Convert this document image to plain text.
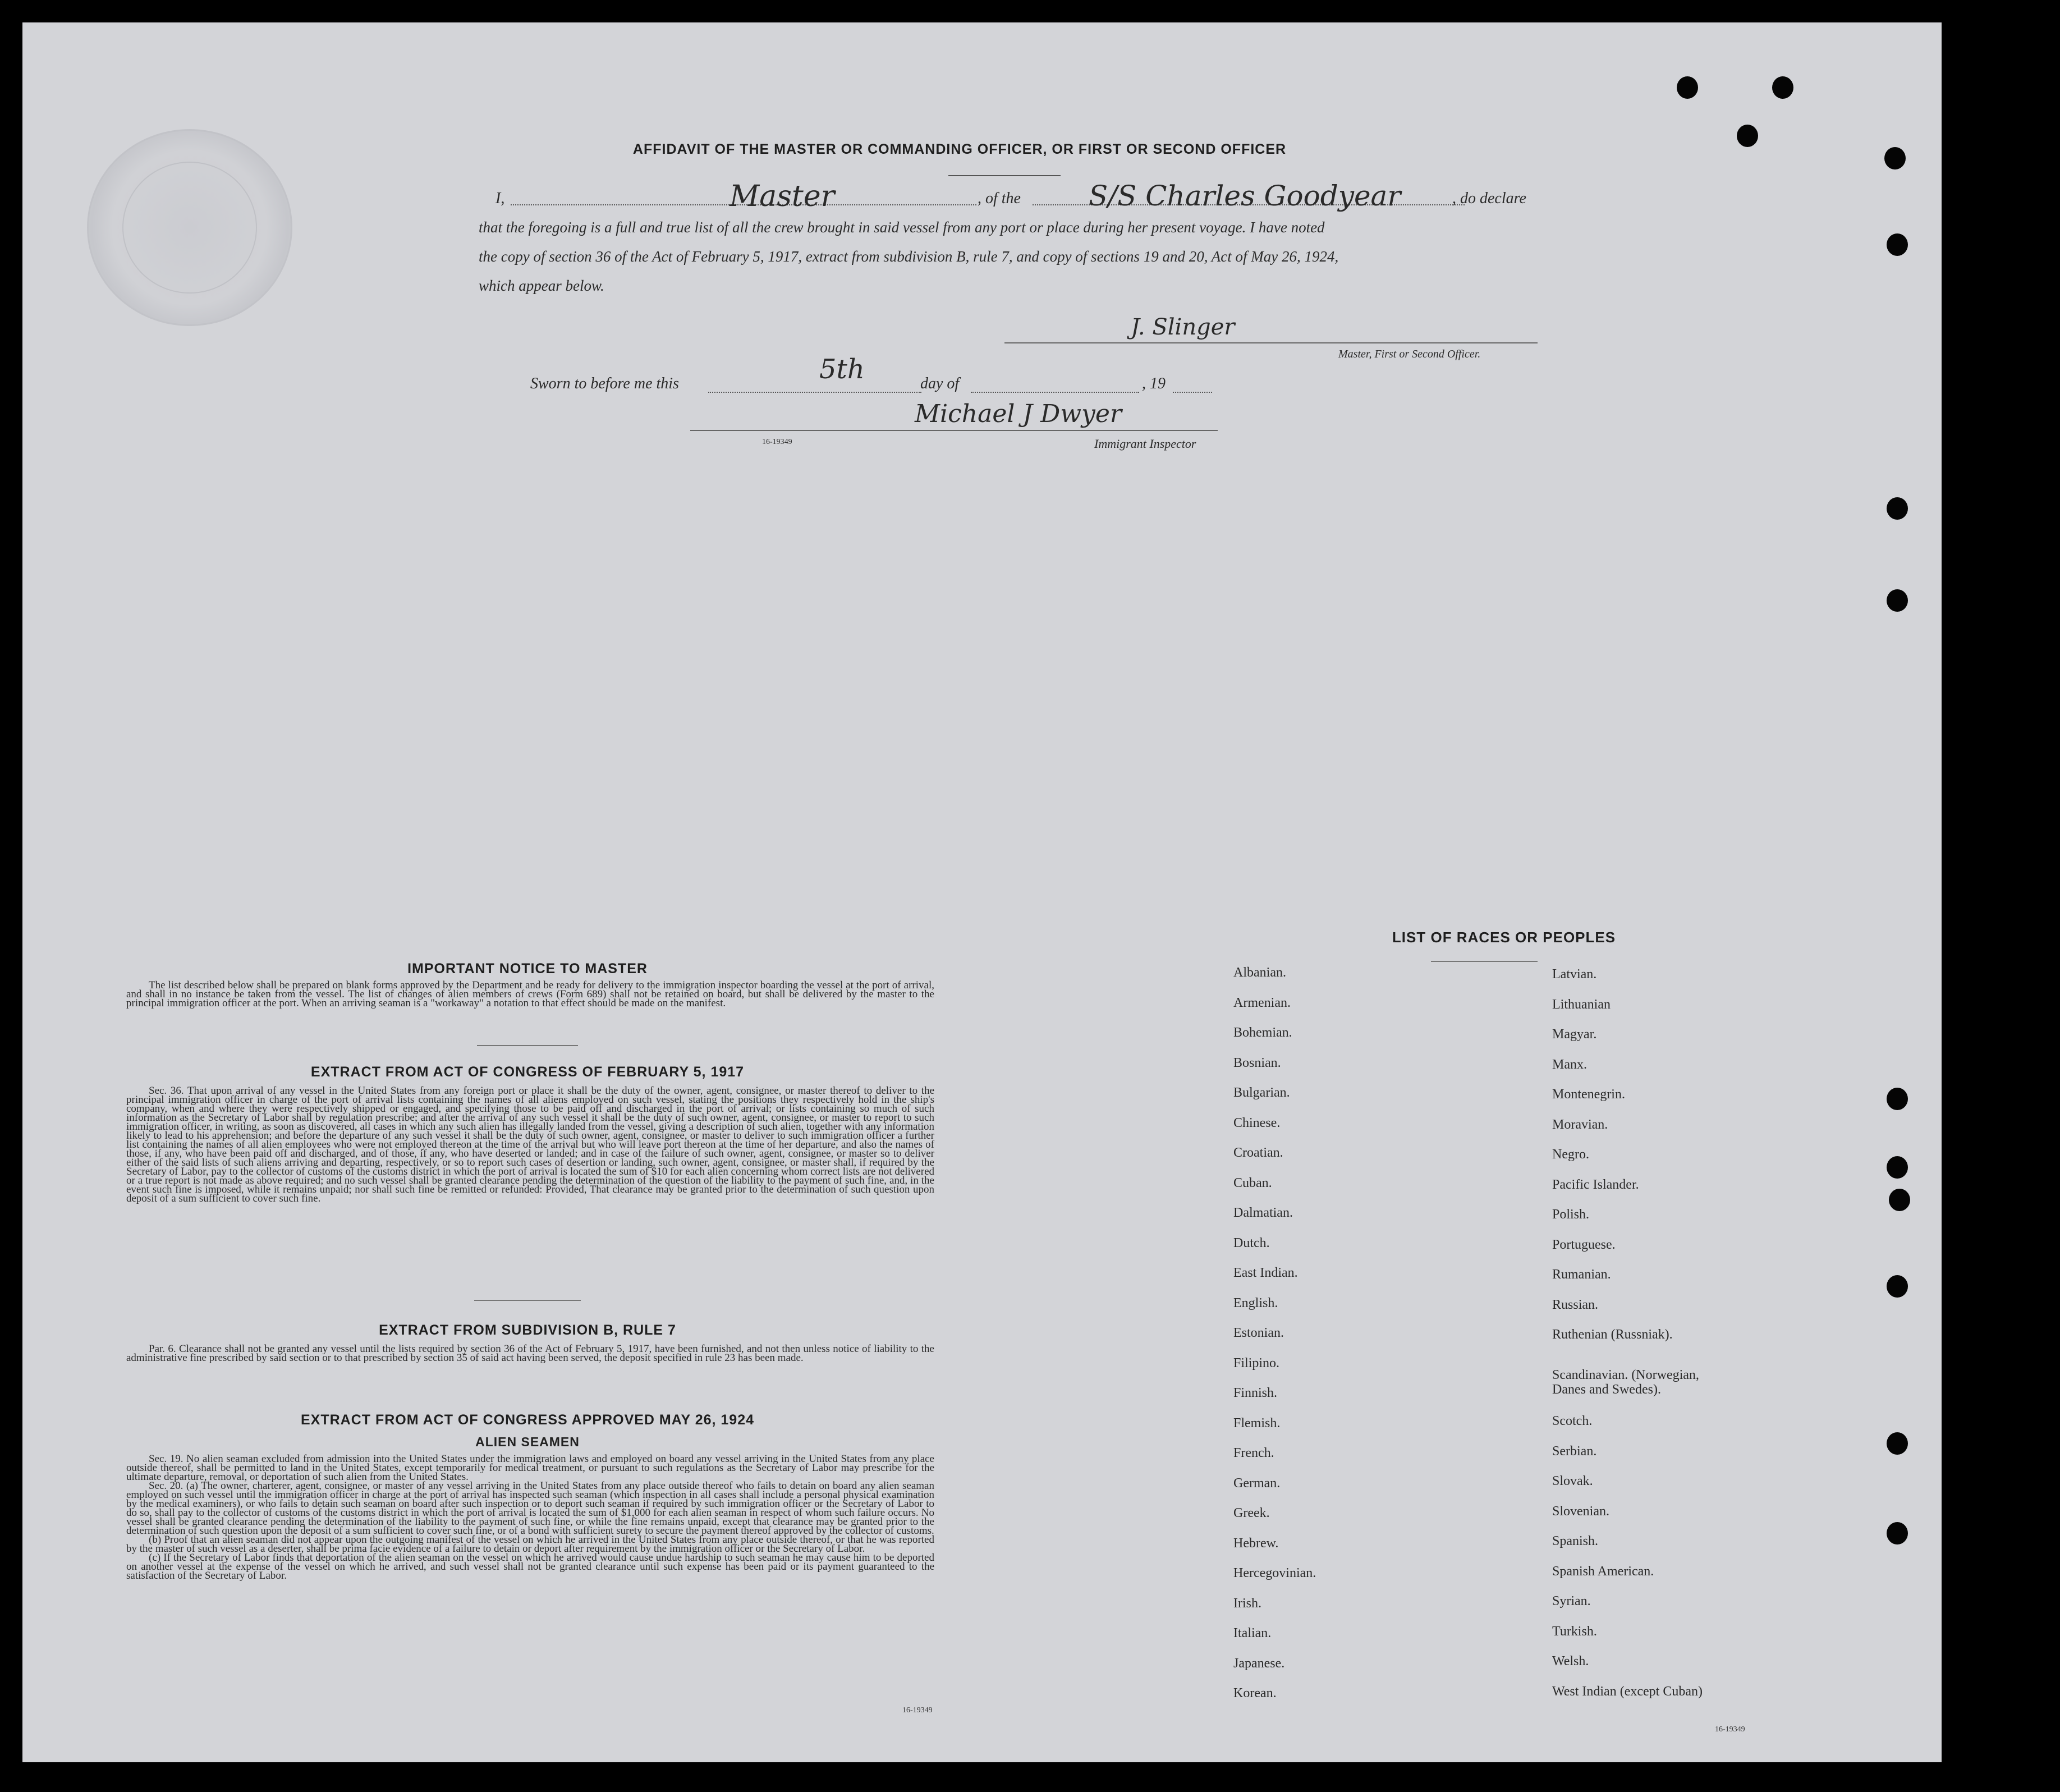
AFFIDAVIT OF THE MASTER OR COMMANDING OFFICER, OR FIRST OR SECOND OFFICER
I,	Master	, of the S/S Charles Goodyear	, do declare
that the foregoing is a full and true list of all the crew brought in said vessel from any port or place during her present voyage. I have noted
the copy of section 36 of the Act of February 5, 1917, extract from subdivision B, rule 7, and copy of sections 19 and 20, Act of May 26, 1924,
which appear below.
J. Slinger
Master, First or Second Officer.
Sworn to before me this	5th	day of	, 19
Michael J Dwyer
16-19349	Immigrant Inspector
IMPORTANT NOTICE TO MASTER

The list described below shall be prepared on blank forms approved by the Department and be ready for delivery to the immigration inspector boarding the vessel at the port of arrival, and shall in no instance be taken from the vessel. The list of changes of alien members of crews (Form 689) shall not be retained on board, but shall be delivered by the master to the principal immigration officer at the port. When an arriving seaman is a "workaway" a notation to that effect should be made on the manifest.

EXTRACT FROM ACT OF CONGRESS OF FEBRUARY 5, 1917

Sec. 36. That upon arrival of any vessel in the United States from any foreign port or place it shall be the duty of the owner, agent, consignee, or master thereof to deliver to the principal immigration officer in charge of the port of arrival lists containing the names of all aliens employed on such vessel, stating the positions they respectively hold in the ship's company, when and where they were respectively shipped or engaged, and specifying those to be paid off and discharged in the port of arrival; or lists containing so much of such information as the Secretary of Labor shall by regulation prescribe; and after the arrival of any such vessel it shall be the duty of such owner, agent, consignee, or master to report to such immigration officer, in writing, as soon as discovered, all cases in which any such alien has illegally landed from the vessel, giving a description of such alien, together with any information likely to lead to his apprehension; and before the departure of any such vessel it shall be the duty of such owner, agent, consignee, or master to deliver to such immigration officer a further list containing the names of all alien employees who were not employed thereon at the time of the arrival but who will leave port thereon at the time of her departure, and also the names of those, if any, who have been paid off and discharged, and of those, if any, who have deserted or landed; and in case of the failure of such owner, agent, consignee, or master so to deliver either of the said lists of such aliens arriving and departing, respectively, or so to report such cases of desertion or landing, such owner, agent, consignee, or master shall, if required by the Secretary of Labor, pay to the collector of customs of the customs district in which the port of arrival is located the sum of $10 for each alien concerning whom correct lists are not delivered or a true report is not made as above required; and no such vessel shall be granted clearance pending the determination of the question of the liability to the payment of such fine, and, in the event such fine is imposed, while it remains unpaid; nor shall such fine be remitted or refunded: Provided, That clearance may be granted prior to the determination of such question upon deposit of a sum sufficient to cover such fine.

EXTRACT FROM SUBDIVISION B, RULE 7

Par. 6. Clearance shall not be granted any vessel until the lists required by section 36 of the Act of February 5, 1917, have been furnished, and not then unless notice of liability to the administrative fine prescribed by said section or to that prescribed by section 35 of said act having been served, the deposit specified in rule 23 has been made.

EXTRACT FROM ACT OF CONGRESS APPROVED MAY 26, 1924
ALIEN SEAMEN

Sec. 19. No alien seaman excluded from admission into the United States under the immigration laws and employed on board any vessel arriving in the United States from any place outside thereof, shall be permitted to land in the United States, except temporarily for medical treatment, or pursuant to such regulations as the Secretary of Labor may prescribe for the ultimate departure, removal, or deportation of such alien from the United States.

Sec. 20. (a) The owner, charterer, agent, consignee, or master of any vessel arriving in the United States from any place outside thereof who fails to detain on board any alien seaman employed on such vessel until the immigration officer in charge at the port of arrival has inspected such seaman (which inspection in all cases shall include a personal physical examination by the medical examiners), or who fails to detain such seaman on board after such inspection or to deport such seaman if required by such immigration officer or the Secretary of Labor to do so, shall pay to the collector of customs of the customs district in which the port of arrival is located the sum of $1,000 for each alien seaman in respect of whom such failure occurs. No vessel shall be granted clearance pending the determination of the liability to the payment of such fine, or while the fine remains unpaid, except that clearance may be granted prior to the determination of such question upon the deposit of a sum sufficient to cover such fine, or of a bond with sufficient surety to secure the payment thereof approved by the collector of customs.

(b) Proof that an alien seaman did not appear upon the outgoing manifest of the vessel on which he arrived in the United States from any place outside thereof, or that he was reported by the master of such vessel as a deserter, shall be prima facie evidence of a failure to detain or deport after requirement by the immigration officer or the Secretary of Labor.

(c) If the Secretary of Labor finds that deportation of the alien seaman on the vessel on which he arrived would cause undue hardship to such seaman he may cause him to be deported on another vessel at the expense of the vessel on which he arrived, and such vessel shall not be granted clearance until such expense has been paid or its payment guaranteed to the satisfaction of the Secretary of Labor.

16-19349
LIST OF RACES OR PEOPLES
16-19349
Albanian.
Armenian.
Bohemian.
Bosnian.
Bulgarian.
Chinese.
Croatian.
Cuban.
Dalmatian.
Dutch.
East Indian.
English.
Estonian.
Filipino.
Finnish.
Flemish.
French.
German.
Greek.
Hebrew.
Hercegovinian.
Irish.
Italian.
Japanese.
Korean.
Latvian.
Lithuanian
Magyar.
Manx.
Montenegrin.
Moravian.
Negro.
Pacific Islander.
Polish.
Portuguese.
Rumanian.
Russian.
Ruthenian (Russniak).
Scandinavian. (Norwegian,
Danes and Swedes).
Scotch.
Serbian.
Slovak.
Slovenian.
Spanish.
Spanish American.
Syrian.
Turkish.
Welsh.
West Indian (except Cuban)
